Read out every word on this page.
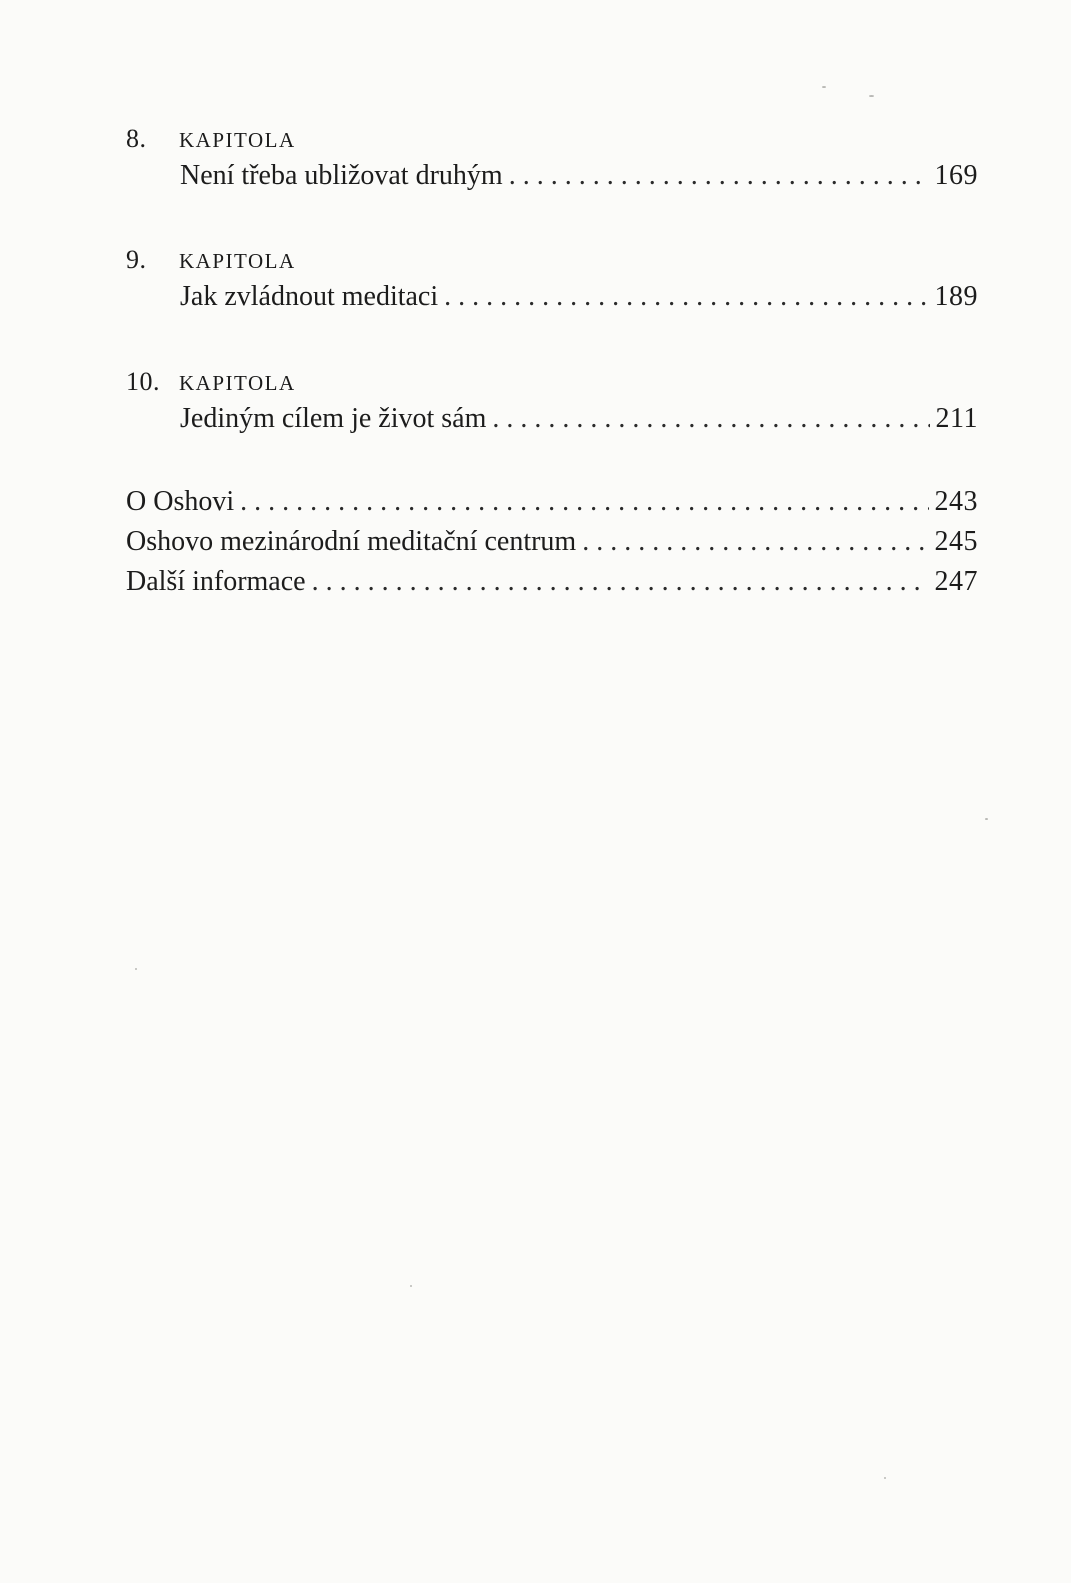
8. KAPITOLA
Není třeba ubližovat druhým . . .	169
9. KAPITOLA
Jak zvládnout meditaci . . .	189
10. KAPITOLA
Jediným cílem je život sám . . .	211
O Oshovi . . .	243
Oshovo mezinárodní meditační centrum . . .	245
Další informace . . .	247
